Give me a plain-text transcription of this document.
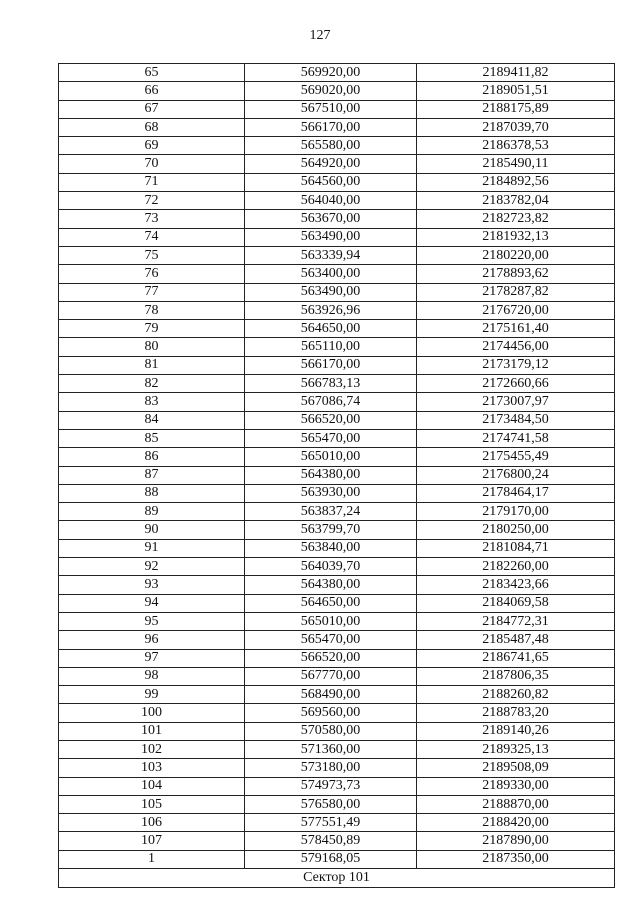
127
65	569920,00	2189411,82
66	569020,00	2189051,51
67	567510,00	2188175,89
68	566170,00	2187039,70
69	565580,00	2186378,53
70	564920,00	2185490,11
71	564560,00	2184892,56
72	564040,00	2183782,04
73	563670,00	2182723,82
74	563490,00	2181932,13
75	563339,94	2180220,00
76	563400,00	2178893,62
77	563490,00	2178287,82
78	563926,96	2176720,00
79	564650,00	2175161,40
80	565110,00	2174456,00
81	566170,00	2173179,12
82	566783,13	2172660,66
83	567086,74	2173007,97
84	566520,00	2173484,50
85	565470,00	2174741,58
86	565010,00	2175455,49
87	564380,00	2176800,24
88	563930,00	2178464,17
89	563837,24	2179170,00
90	563799,70	2180250,00
91	563840,00	2181084,71
92	564039,70	2182260,00
93	564380,00	2183423,66
94	564650,00	2184069,58
95	565010,00	2184772,31
96	565470,00	2185487,48
97	566520,00	2186741,65
98	567770,00	2187806,35
99	568490,00	2188260,82
100	569560,00	2188783,20
101	570580,00	2189140,26
102	571360,00	2189325,13
103	573180,00	2189508,09
104	574973,73	2189330,00
105	576580,00	2188870,00
106	577551,49	2188420,00
107	578450,89	2187890,00
1	579168,05	2187350,00
Сектор 101		
